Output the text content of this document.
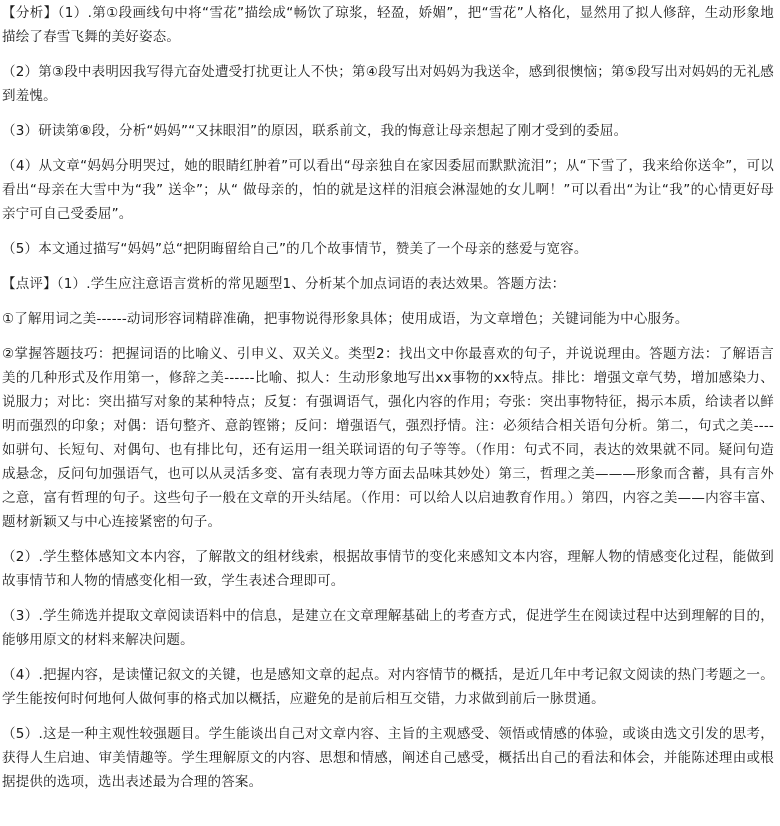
【分析】（1）.第①段画线句中将“雪花”描绘成“畅饮了琼浆，轻盈，娇媚”，把“雪花”人格化，显然用了拟人修辞，生动形象地描绘了春雪飞舞的美好姿态。

（2）第③段中表明因我写得亢奋处遭受打扰更让人不快；第④段写出对妈妈为我送伞，感到很懊恼；第⑤段写出对妈妈的无礼感到羞愧。

（3）研读第⑧段，分析“妈妈”“又抹眼泪”的原因，联系前文，我的悔意让母亲想起了刚才受到的委屈。

（4）从文章“妈妈分明哭过，她的眼睛红肿着”可以看出“母亲独自在家因委屈而默默流泪”；从“下雪了，我来给你送伞”，可以看出“母亲在大雪中为“我” 送伞”；从“ 做母亲的，怕的就是这样的泪痕会淋湿她的女儿啊！”可以看出“为让“我”的心情更好母亲宁可自己受委屈”。

（5）本文通过描写“妈妈”总“把阴晦留给自己”的几个故事情节，赞美了一个母亲的慈爱与宽容。

【点评】（1）.学生应注意语言赏析的常见题型1、分析某个加点词语的表达效果。答题方法：

①了解用词之美------动词形容词精辟准确，把事物说得形象具体；使用成语，为文章增色；关键词能为中心服务。

②掌握答题技巧：把握词语的比喻义、引申义、双关义。类型2：找出文中你最喜欢的句子，并说说理由。答题方法：了解语言美的几种形式及作用第一，修辞之美------比喻、拟人：生动形象地写出xx事物的xx特点。排比：增强文章气势，增加感染力、说服力；对比：突出描写对象的某种特点；反复：有强调语气，强化内容的作用；夸张：突出事物特征，揭示本质，给读者以鲜明而强烈的印象；对偶：语句整齐、意韵铿锵；反问：增强语气，强烈抒情。注：必须结合相关语句分析。第二，句式之美----如骈句、长短句、对偶句、也有排比句，还有运用一组关联词语的句子等等。（作用：句式不同，表达的效果就不同。疑问句造成悬念，反问句加强语气，也可以从灵活多变、富有表现力等方面去品味其妙处）第三，哲理之美———形象而含蓄，具有言外之意，富有哲理的句子。这些句子一般在文章的开头结尾。（作用：可以给人以启迪教育作用。）第四，内容之美——内容丰富、题材新颖又与中心连接紧密的句子。

（2）.学生整体感知文本内容，了解散文的组材线索，根据故事情节的变化来感知文本内容，理解人物的情感变化过程，能做到故事情节和人物的情感变化相一致，学生表述合理即可。

（3）.学生筛选并提取文章阅读语料中的信息，是建立在文章理解基础上的考查方式，促进学生在阅读过程中达到理解的目的，能够用原文的材料来解决问题。

（4）.把握内容，是读懂记叙文的关键，也是感知文章的起点。对内容情节的概括，是近几年中考记叙文阅读的热门考题之一。学生能按何时何地何人做何事的格式加以概括，应避免的是前后相互交错，力求做到前后一脉贯通。

（5）.这是一种主观性较强题目。学生能谈出自己对文章内容、主旨的主观感受、领悟或情感的体验，或谈由选文引发的思考，获得人生启迪、审美情趣等。学生理解原文的内容、思想和情感，阐述自己感受，概括出自己的看法和体会，并能陈述理由或根据提供的选项，选出表述最为合理的答案。
